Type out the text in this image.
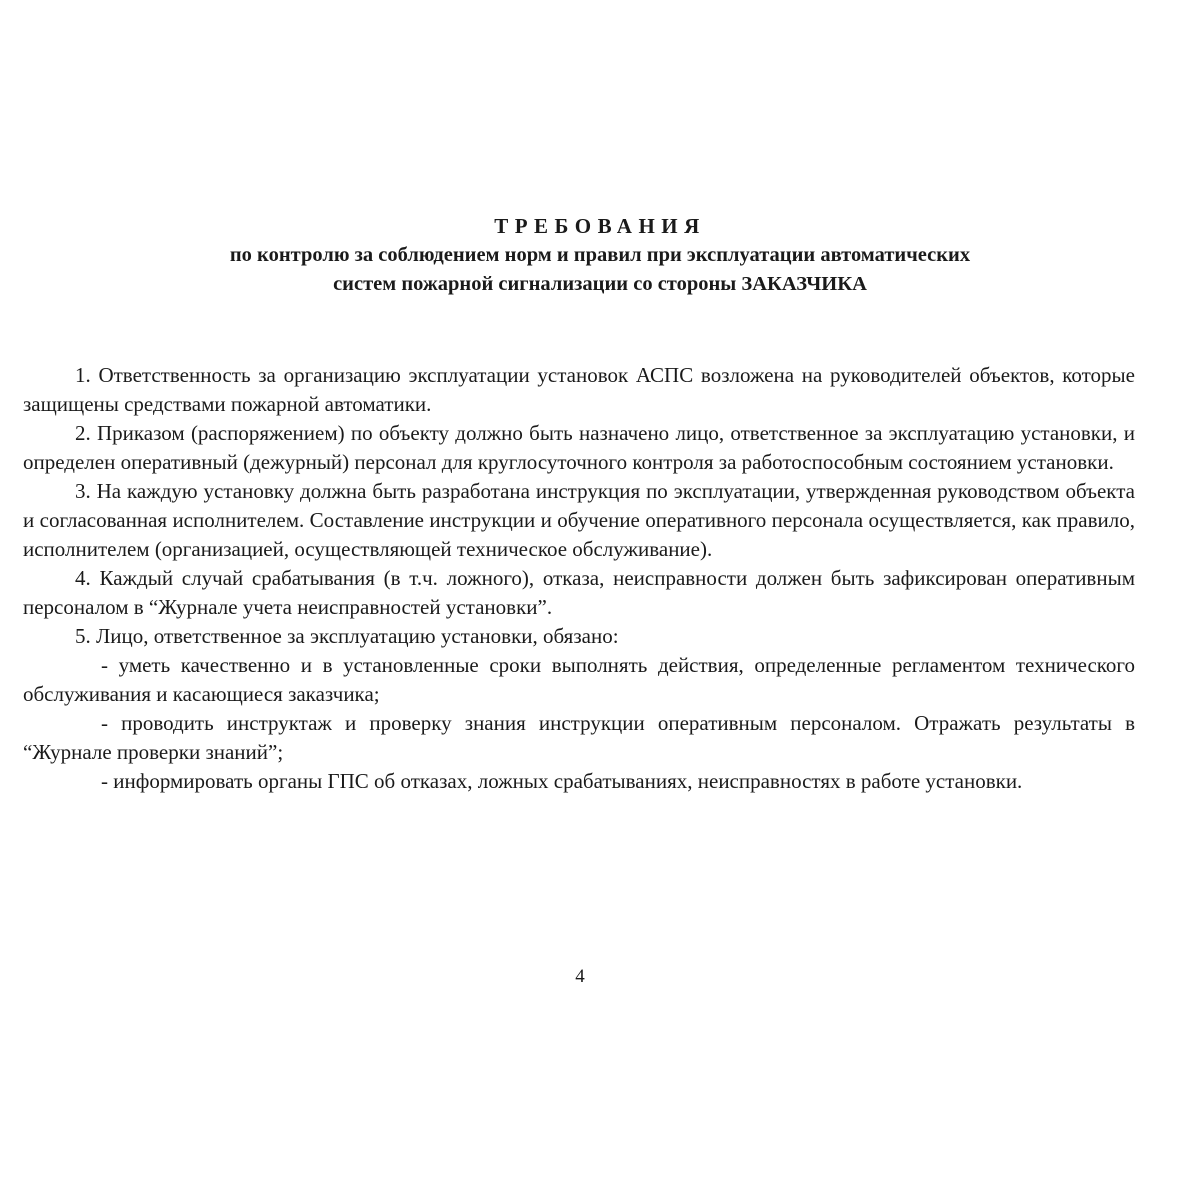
ТРЕБОВАНИЯ

по контролю за соблюдением норм и правил при эксплуатации автоматических

систем пожарной сигнализации со стороны ЗАКАЗЧИКА

1. Ответственность за организацию эксплуатации установок АСПС возложена на руководителей объектов, которые защищены средствами пожарной автоматики.

2. Приказом (распоряжением) по объекту должно быть назначено лицо, ответственное за эксплуатацию установки, и определен оперативный (дежурный) персонал для круглосуточного контроля за работоспособным состоянием установки.

3. На каждую установку должна быть разработана инструкция по эксплуатации, утвержденная руководством объекта и согласованная исполнителем. Составление инструкции и обучение оперативного персонала осуществляется, как правило, исполнителем (организацией, осуществляющей техническое обслуживание).

4. Каждый случай срабатывания (в т.ч. ложного), отказа, неисправности должен быть зафиксирован оперативным персоналом в “Журнале учета неисправностей установки”.

5. Лицо, ответственное за эксплуатацию установки, обязано:

- уметь качественно и в установленные сроки выполнять действия, определенные регламентом технического обслуживания и касающиеся заказчика;

- проводить инструктаж и проверку знания инструкции оперативным персоналом. Отражать результаты в “Журнале проверки знаний”;

- информировать органы ГПС об отказах, ложных срабатываниях, неисправностях в работе установки.

4
